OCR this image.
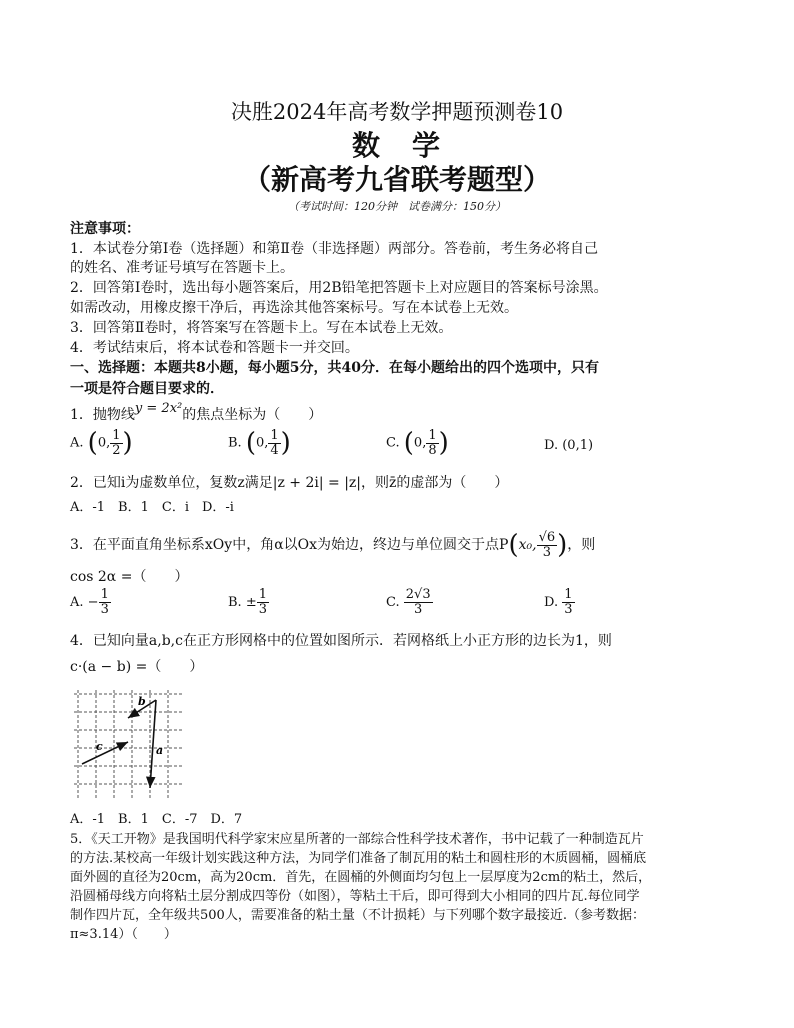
决胜2024年高考数学押题预测卷10
数　学
（新高考九省联考题型）
（考试时间：120分钟　试卷满分：150分）
注意事项：
1．本试卷分第Ⅰ卷（选择题）和第Ⅱ卷（非选择题）两部分。答卷前，考生务必将自己
的姓名、准考证号填写在答题卡上。
2．回答第Ⅰ卷时，选出每小题答案后，用2B铅笔把答题卡上对应题目的答案标号涂黑。
如需改动，用橡皮擦干净后，再选涂其他答案标号。写在本试卷上无效。
3．回答第Ⅱ卷时，将答案写在答题卡上。写在本试卷上无效。
4．考试结束后，将本试卷和答题卡一并交回。
一、选择题：本题共8小题，每小题5分，共40分．在每小题给出的四个选项中，只有
一项是符合题目要求的．
1．抛物线y = 2x²的焦点坐标为（　　）
A. (0, $\frac{1}{2}$ )	B. (0, $\frac{1}{4}$ )	C. (0, $\frac{1}{8}$ )	D. (0,1)
2．已知i为虚数单位，复数z满足|z + 2i| = |z|，则z̄的虚部为（　　）
A．-1　B．1　C．i　D．-i
3．在平面直角坐标系xOy中，角α以Ox为始边，终边与单位圆交于点P(x₀, $\frac{√6}{3}$ )，则
cos 2α =（　　）
A. − $\frac{1}{3}$	B. ± $\frac{1}{3}$	C. $\frac{2√3}{3}$	D. $\frac{1}{3}$
4．已知向量a,b,c在正方形网格中的位置如图所示．若网格纸上小正方形的边长为1，则
c·(a − b) =（　　）
b
a
c
A．-1　B．1　C．-7　D．7
5．《天工开物》是我国明代科学家宋应星所著的一部综合性科学技术著作，书中记载了一种制造瓦片
的方法.某校高一年级计划实践这种方法，为同学们准备了制瓦用的粘土和圆柱形的木质圆桶，圆桶底
面外圆的直径为20cm，高为20cm．首先，在圆桶的外侧面均匀包上一层厚度为2cm的粘土，然后，
沿圆桶母线方向将粘土层分割成四等份（如图），等粘土干后，即可得到大小相同的四片瓦.每位同学
制作四片瓦，全年级共500人，需要准备的粘土量（不计损耗）与下列哪个数字最接近.（参考数据：
π≈3.14）（　　）
